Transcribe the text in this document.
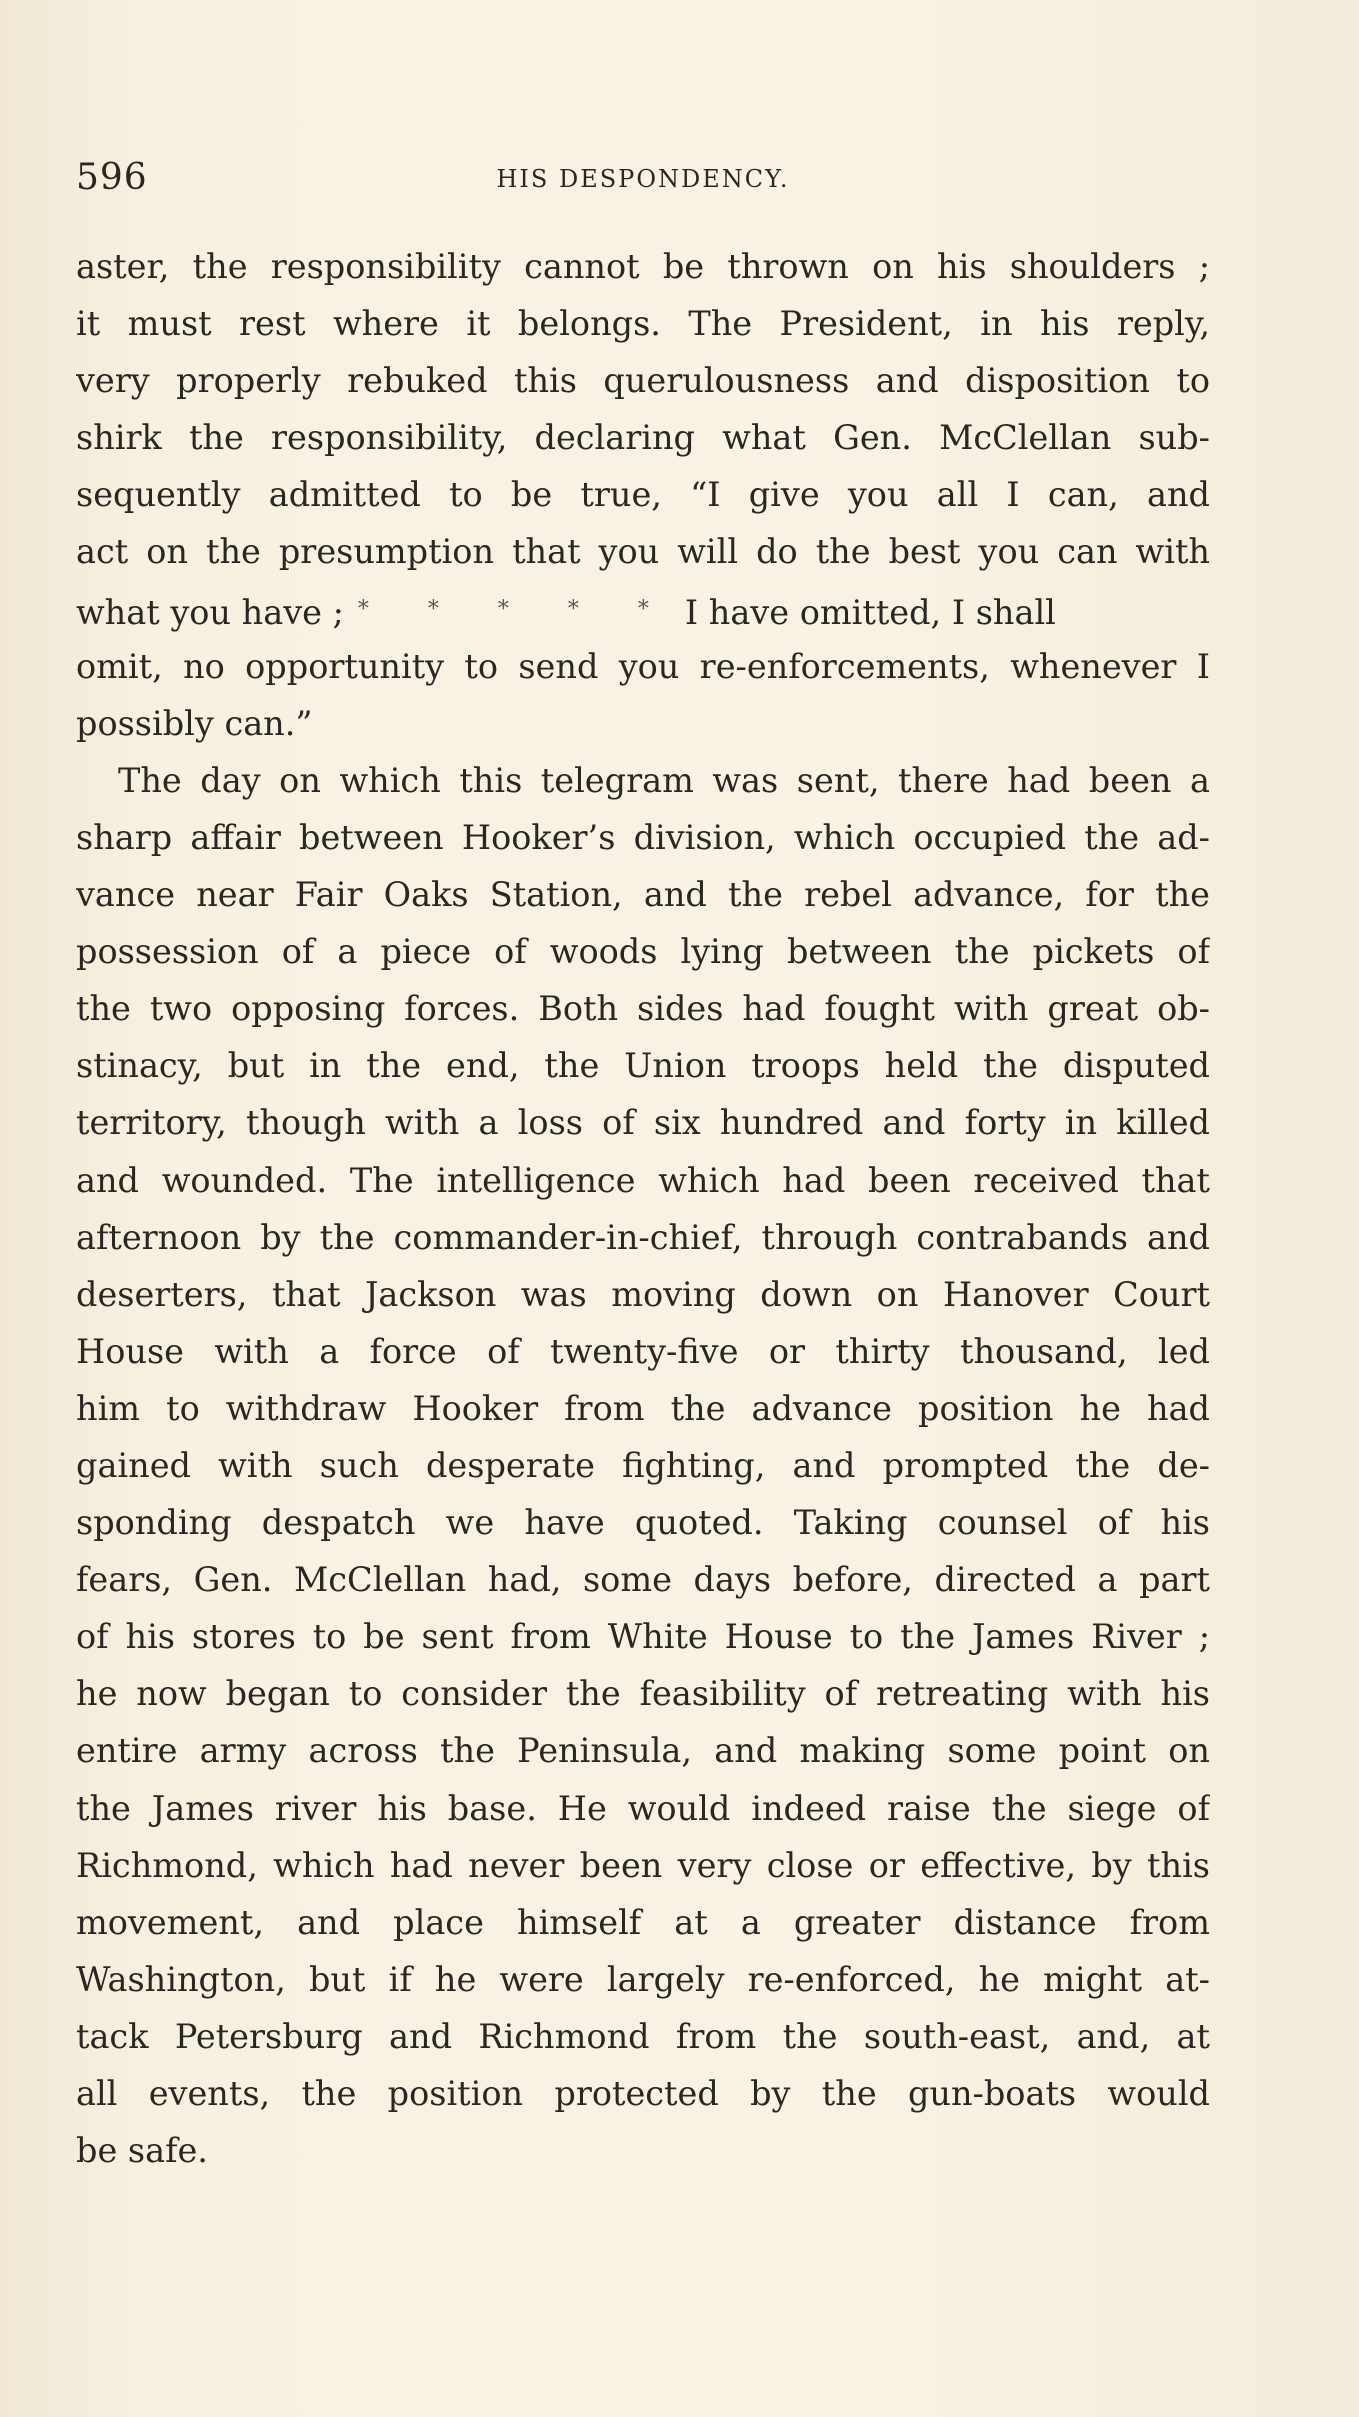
596	HIS DESPONDENCY.
aster, the responsibility cannot be thrown on his shoulders ;
it must rest where it belongs. The President, in his reply,
very properly rebuked this querulousness and disposition to
shirk the responsibility, declaring what Gen. McClellan sub-
sequently admitted to be true, “I give you all I can, and
act on the presumption that you will do the best you can with
what you have ; * * * * * I have omitted, I shall
omit, no opportunity to send you re-enforcements, whenever I
possibly can.”
The day on which this telegram was sent, there had been a
sharp affair between Hooker’s division, which occupied the ad-
vance near Fair Oaks Station, and the rebel advance, for the
possession of a piece of woods lying between the pickets of
the two opposing forces. Both sides had fought with great ob-
stinacy, but in the end, the Union troops held the disputed
territory, though with a loss of six hundred and forty in killed
and wounded. The intelligence which had been received that
afternoon by the commander-in-chief, through contrabands and
deserters, that Jackson was moving down on Hanover Court
House with a force of twenty-five or thirty thousand, led
him to withdraw Hooker from the advance position he had
gained with such desperate fighting, and prompted the de-
sponding despatch we have quoted. Taking counsel of his
fears, Gen. McClellan had, some days before, directed a part
of his stores to be sent from White House to the James River ;
he now began to consider the feasibility of retreating with his
entire army across the Peninsula, and making some point on
the James river his base. He would indeed raise the siege of
Richmond, which had never been very close or effective, by this
movement, and place himself at a greater distance from
Washington, but if he were largely re-enforced, he might at-
tack Petersburg and Richmond from the south-east, and, at
all events, the position protected by the gun-boats would
be safe.
